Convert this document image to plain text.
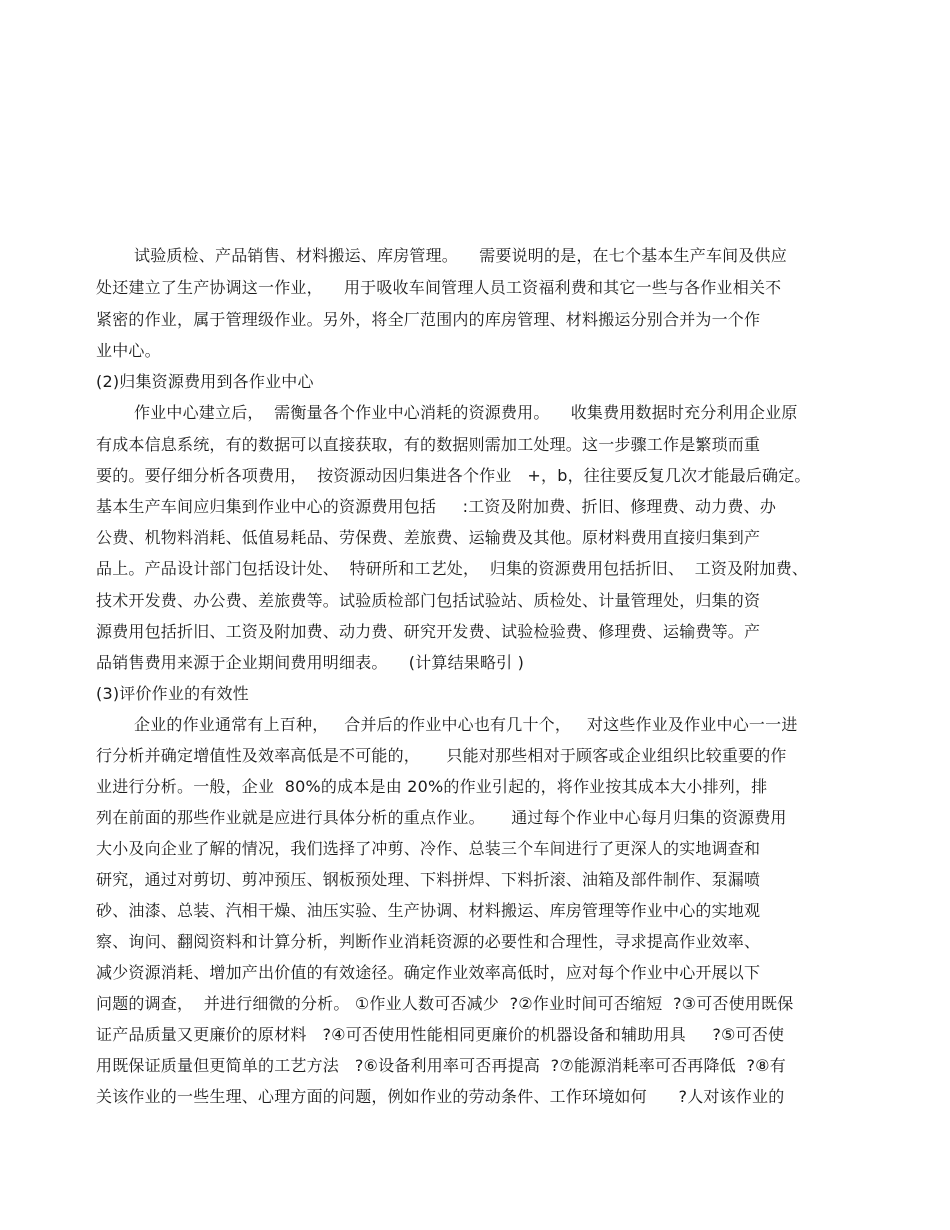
试验质检、产品销售、材料搬运、库房管理。    需要说明的是，在七个基本生产车间及供应
处还建立了生产协调这一作业，    用于吸收车间管理人员工资福利费和其它一些与各作业相关不
紧密的作业，属于管理级作业。另外，将全厂范围内的库房管理、材料搬运分别合并为一个作
业中心。
(2)归集资源费用到各作业中心
作业中心建立后，  需衡量各个作业中心消耗的资源费用。    收集费用数据时充分利用企业原
有成本信息系统，有的数据可以直接获取，有的数据则需加工处理。这一步骤工作是繁琐而重
要的。要仔细分析各项费用，  按资源动因归集进各个作业   +，b，往往要反复几次才能最后确定。
基本生产车间应归集到作业中心的资源费用包括     :工资及附加费、折旧、修理费、动力费、办
公费、机物料消耗、低值易耗品、劳保费、差旅费、运输费及其他。原材料费用直接归集到产
品上。产品设计部门包括设计处、  特研所和工艺处，  归集的资源费用包括折旧、  工资及附加费、
技术开发费、办公费、差旅费等。试验质检部门包括试验站、质检处、计量管理处，归集的资
源费用包括折旧、工资及附加费、动力费、研究开发费、试验检验费、修理费、运输费等。产
品销售费用来源于企业期间费用明细表。    (计算结果略引 )
(3)评价作业的有效性
企业的作业通常有上百种，   合并后的作业中心也有几十个，   对这些作业及作业中心一一进
行分析并确定增值性及效率高低是不可能的，     只能对那些相对于顾客或企业组织比较重要的作
业进行分析。一般，企业  80%的成本是由 20%的作业引起的，将作业按其成本大小排列，排
列在前面的那些作业就是应进行具体分析的重点作业。     通过每个作业中心每月归集的资源费用
大小及向企业了解的情况，我们选择了冲剪、冷作、总装三个车间进行了更深人的实地调查和
研究，通过对剪切、剪冲预压、钢板预处理、下料拼焊、下料折滚、油箱及部件制作、泵漏喷
砂、油漆、总装、汽相干燥、油压实验、生产协调、材料搬运、库房管理等作业中心的实地观
察、询问、翻阅资料和计算分析，判断作业消耗资源的必要性和合理性，寻求提高作业效率、
减少资源消耗、增加产出价值的有效途径。确定作业效率高低时，应对每个作业中心开展以下
问题的调查，  并进行细微的分析。 ①作业人数可否减少  ?②作业时间可否缩短  ?③可否使用既保
证产品质量又更廉价的原材料   ?④可否使用性能相同更廉价的机器设备和辅助用具     ?⑤可否使
用既保证质量但更简单的工艺方法   ?⑥设备利用率可否再提高  ?⑦能源消耗率可否再降低  ?⑧有
关该作业的一些生理、心理方面的问题，例如作业的劳动条件、工作环境如何      ?人对该作业的
